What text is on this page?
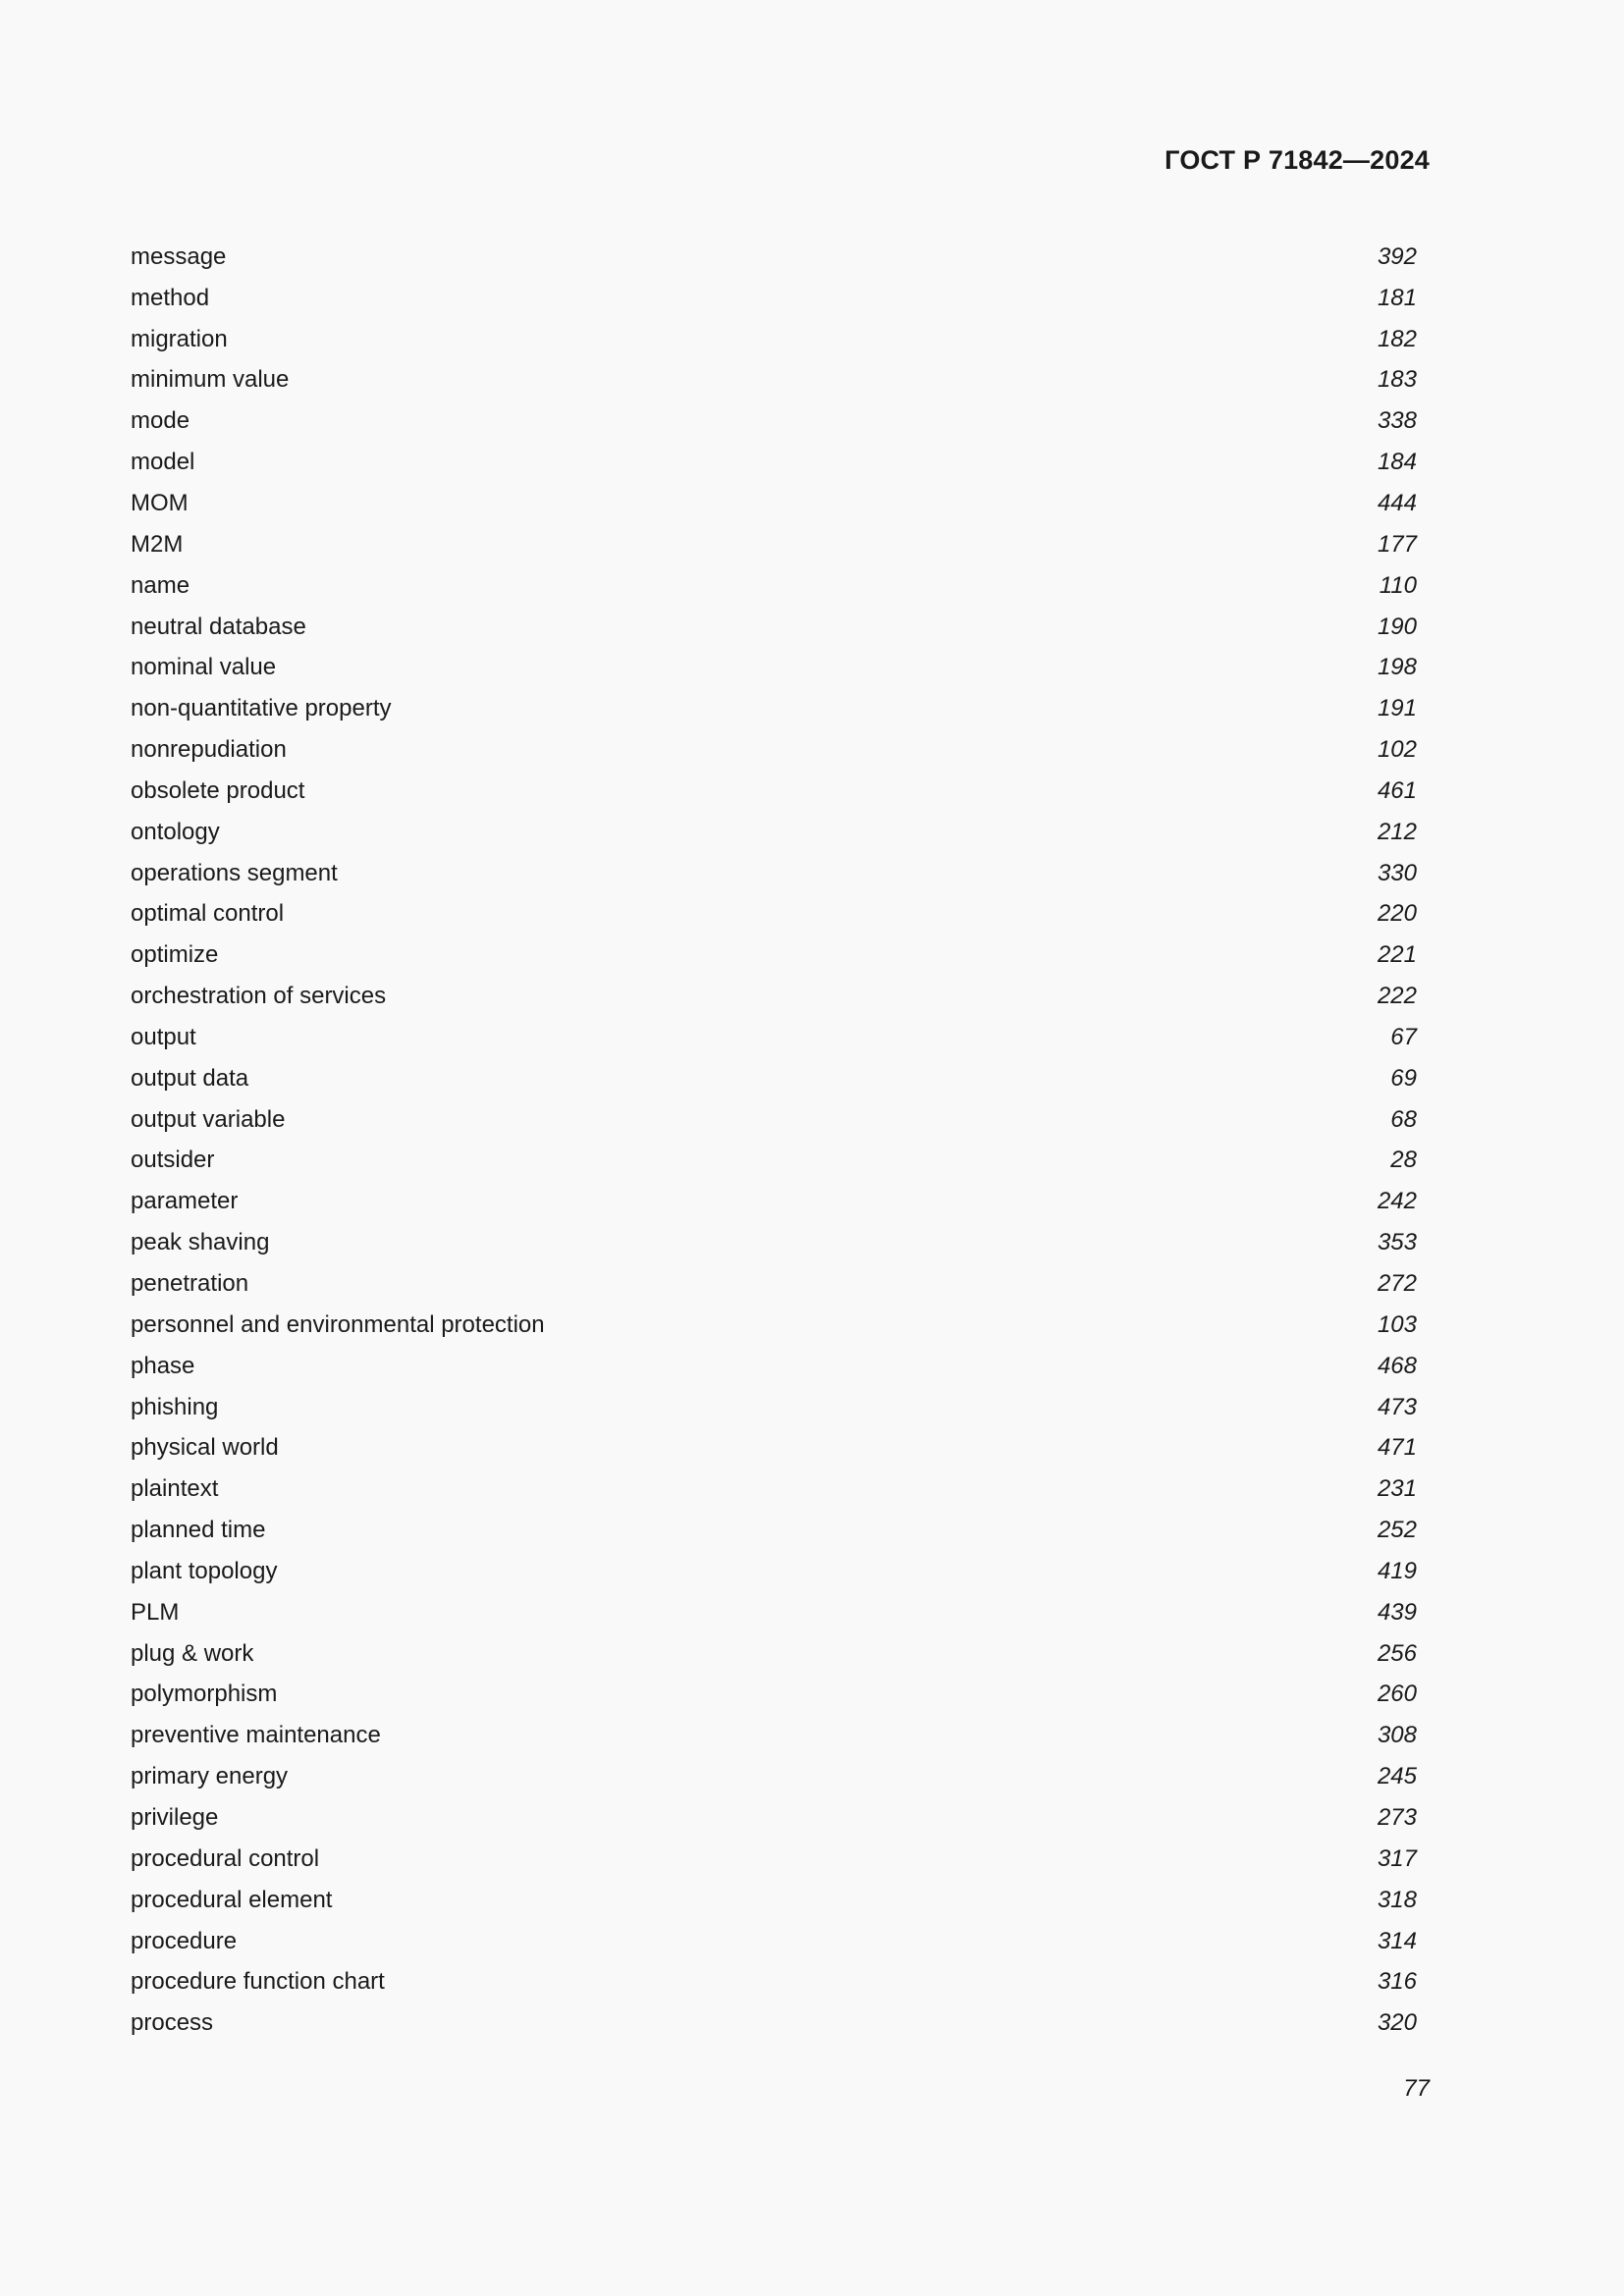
ГОСТ Р 71842—2024
message	392
method	181
migration	182
minimum value	183
mode	338
model	184
MOM	444
M2M	177
name	110
neutral database	190
nominal value	198
non-quantitative property	191
nonrepudiation	102
obsolete product	461
ontology	212
operations segment	330
optimal control	220
optimize	221
orchestration of services	222
output	67
output data	69
output variable	68
outsider	28
parameter	242
peak shaving	353
penetration	272
personnel and environmental protection	103
phase	468
phishing	473
physical world	471
plaintext	231
planned time	252
plant topology	419
PLM	439
plug & work	256
polymorphism	260
preventive maintenance	308
primary energy	245
privilege	273
procedural control	317
procedural element	318
procedure	314
procedure function chart	316
process	320
77
